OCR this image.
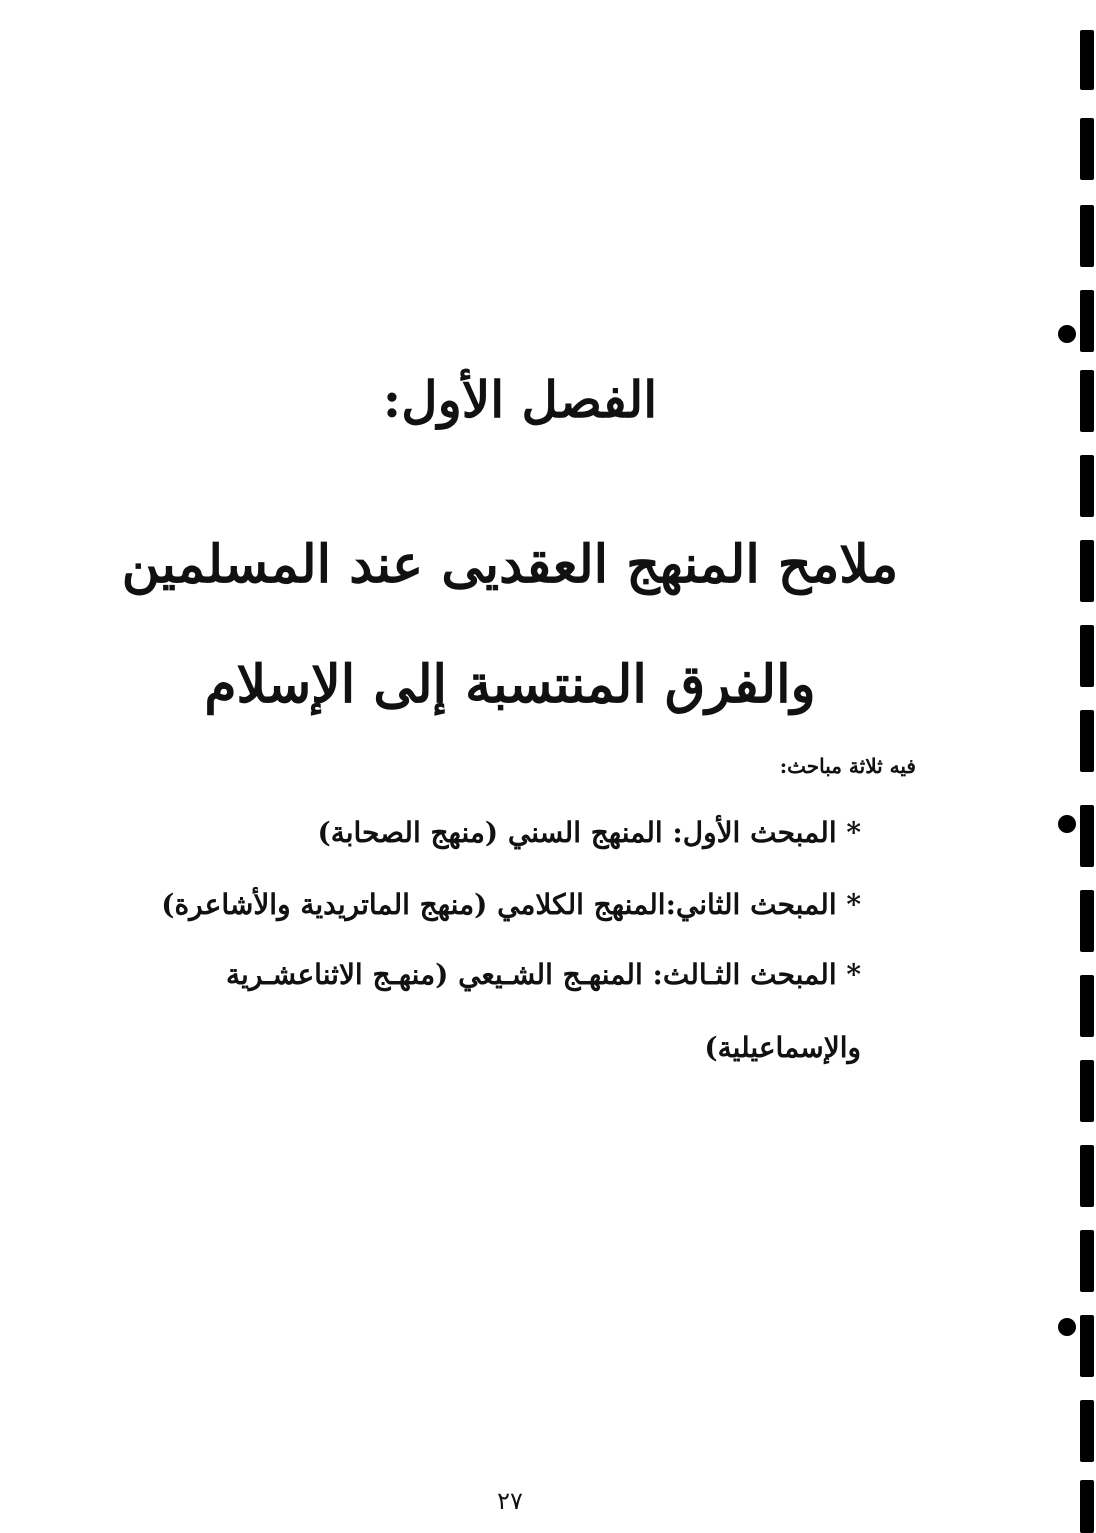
الفصل الأول:
ملامح المنهج العقديى عند المسلمين
والفرق المنتسبة إلى الإسلام
فيه ثلاثة مباحث:
* المبحث الأول: المنهج السني (منهج الصحابة)
* المبحث الثاني:المنهج الكلامي (منهج الماتريدية والأشاعرة)
* المبحث الثـالث: المنهـج الشـيعي (منهـج الاثناعشـرية
والإسماعيلية)
٢٧
